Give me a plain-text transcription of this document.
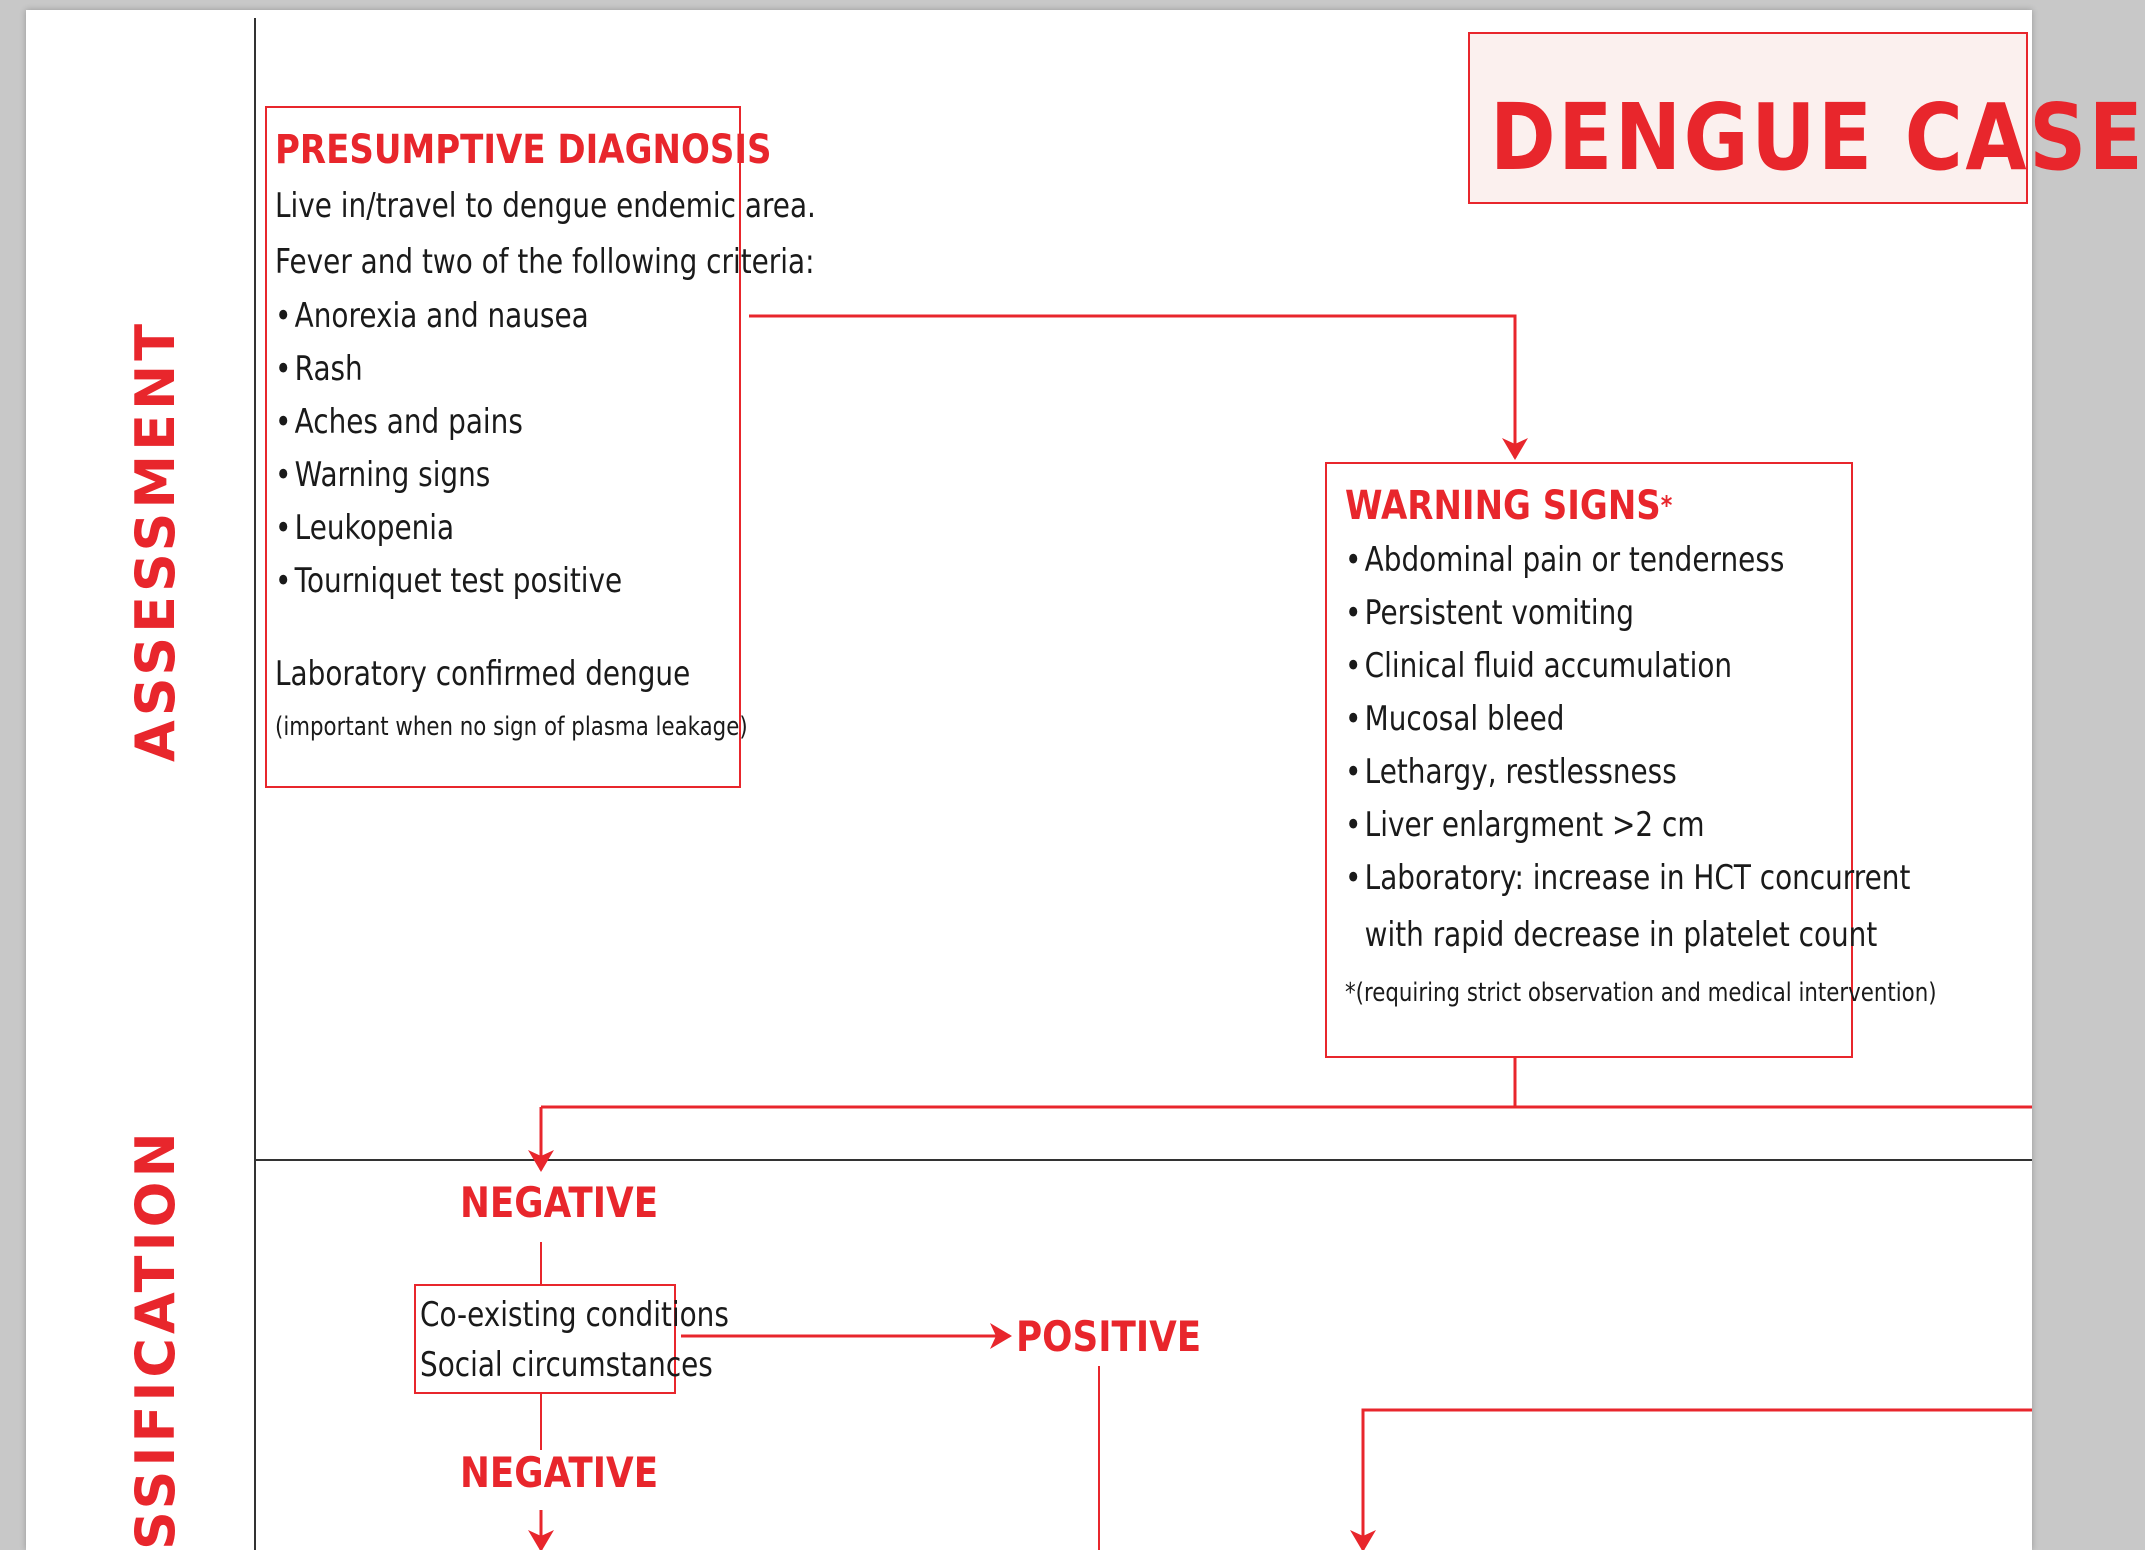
ASSESSMENT
SSIFICATION
DENGUE CASE
PRESUMPTIVE DIAGNOSIS
Live in/travel to dengue endemic area.
Fever and two of the following criteria:
• Anorexia and nausea
• Rash
• Aches and pains
• Warning signs
• Leukopenia
• Tourniquet test positive
Laboratory confirmed dengue
(important when no sign of plasma leakage)
WARNING SIGNS*
• Abdominal pain or tenderness
• Persistent vomiting
• Clinical fluid accumulation
• Mucosal bleed
• Lethargy, restlessness
• Liver enlargment >2 cm
• Laboratory: increase in HCT concurrent
with rapid decrease in platelet count
*(requiring strict observation and medical intervention)
NEGATIVE
Co-existing conditions
Social circumstances
POSITIVE
NEGATIVE
